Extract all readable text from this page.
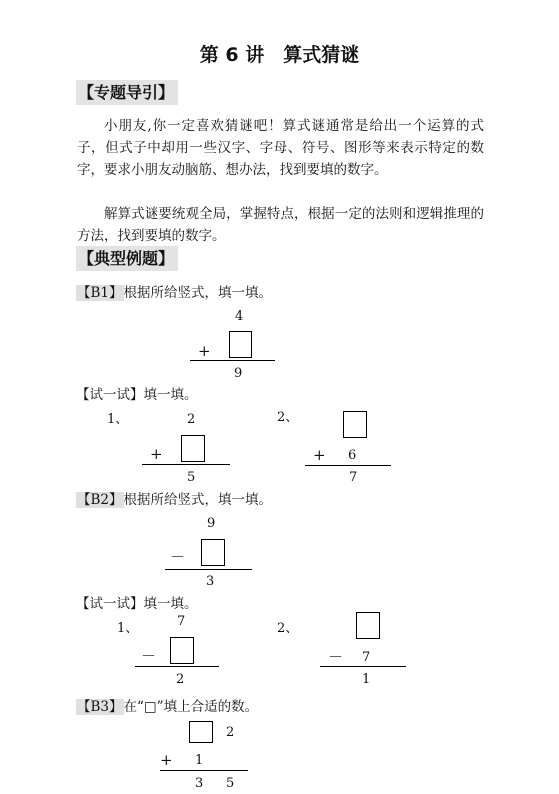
第 6 讲　算式猜谜
【专题导引】

小朋友,你一定喜欢猜谜吧！算式谜通常是给出一个运算的式子，但式子中却用一些汉字、字母、符号、图形等来表示特定的数字，要求小朋友动脑筋、想办法，找到要填的数字。

解算式谜要统观全局，掌握特点，根据一定的法则和逻辑推理的方法，找到要填的数字。

【典型例题】
【B1】根据所给竖式，填一填。
4
+
9
【试一试】填一填。
1、	2
+
5
2、
+ 6
7
【B2】根据所给竖式，填一填。
9
－
3
【试一试】填一填。
1、	7
－
2
2、
－ 7
1
【B3】在“□”填上合适的数。
2
+ 1
3 5
